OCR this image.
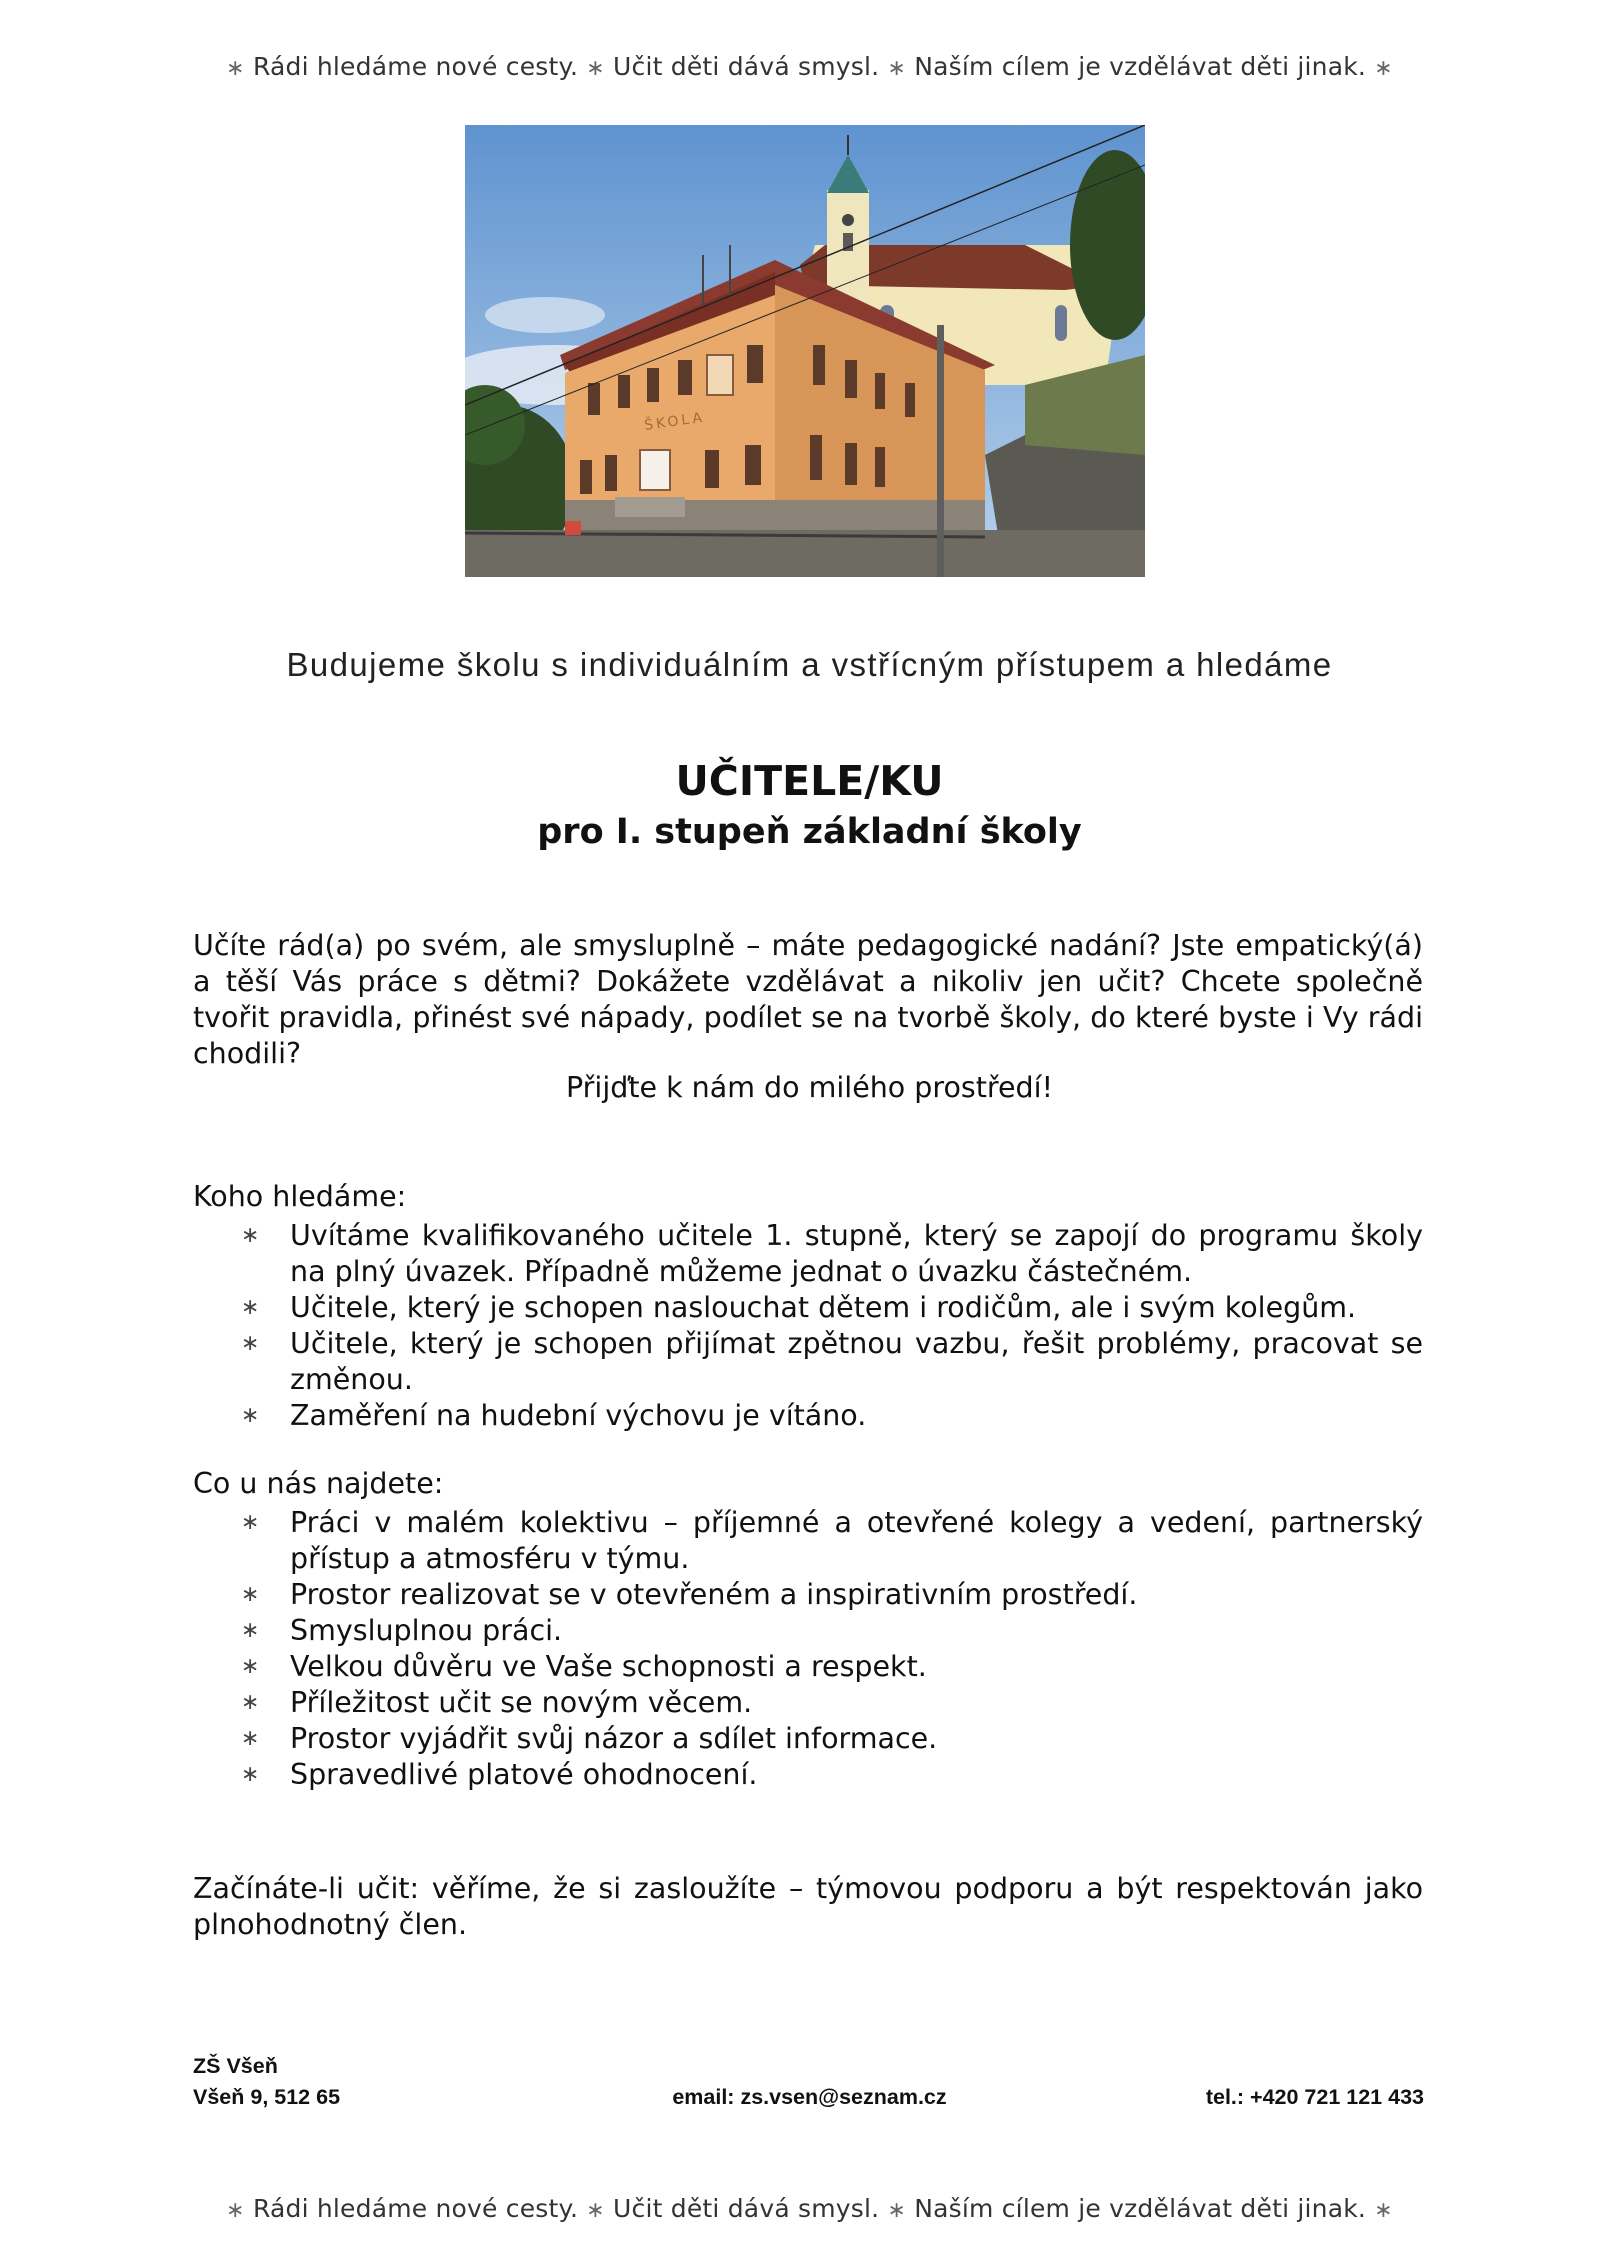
∗ Rádi hledáme nové cesty. ∗ Učit děti dává smysl. ∗ Naším cílem je vzdělávat děti jinak. ∗
ŠKOLA
Budujeme školu s individuálním a vstřícným přístupem a hledáme
UČITELE/KU
pro I. stupeň základní školy

Učíte rád(a) po svém, ale smysluplně – máte pedagogické nadání? Jste empatický(á) a těší Vás práce s dětmi? Dokážete vzdělávat a nikoliv jen učit? Chcete společně tvořit pravidla, přinést své nápady, podílet se na tvorbě školy, do které byste i Vy rádi chodili?

Přijďte k nám do milého prostředí!
Koho hledáme:
∗ Uvítáme kvalifikovaného učitele 1. stupně, který se zapojí do programu školy na plný úvazek. Případně můžeme jednat o úvazku částečném.
∗ Učitele, který je schopen naslouchat dětem i rodičům, ale i svým kolegům.
∗ Učitele, který je schopen přijímat zpětnou vazbu, řešit problémy, pracovat se změnou.
∗ Zaměření na hudební výchovu je vítáno.
Co u nás najdete:
∗ Práci v malém kolektivu – příjemné a otevřené kolegy a vedení, partnerský přístup a atmosféru v týmu.
∗ Prostor realizovat se v otevřeném a inspirativním prostředí.
∗ Smysluplnou práci.
∗ Velkou důvěru ve Vaše schopnosti a respekt.
∗ Příležitost učit se novým věcem.
∗ Prostor vyjádřit svůj názor a sdílet informace.
∗ Spravedlivé platové ohodnocení.

Začínáte-li učit: věříme, že si zasloužíte – týmovou podporu a být respektován jako plnohodnotný člen.

ZŠ Všeň
Všeň 9, 512 65	email: zs.vsen@seznam.cz	tel.: +420 721 121 433
∗ Rádi hledáme nové cesty. ∗ Učit děti dává smysl. ∗ Naším cílem je vzdělávat děti jinak. ∗
